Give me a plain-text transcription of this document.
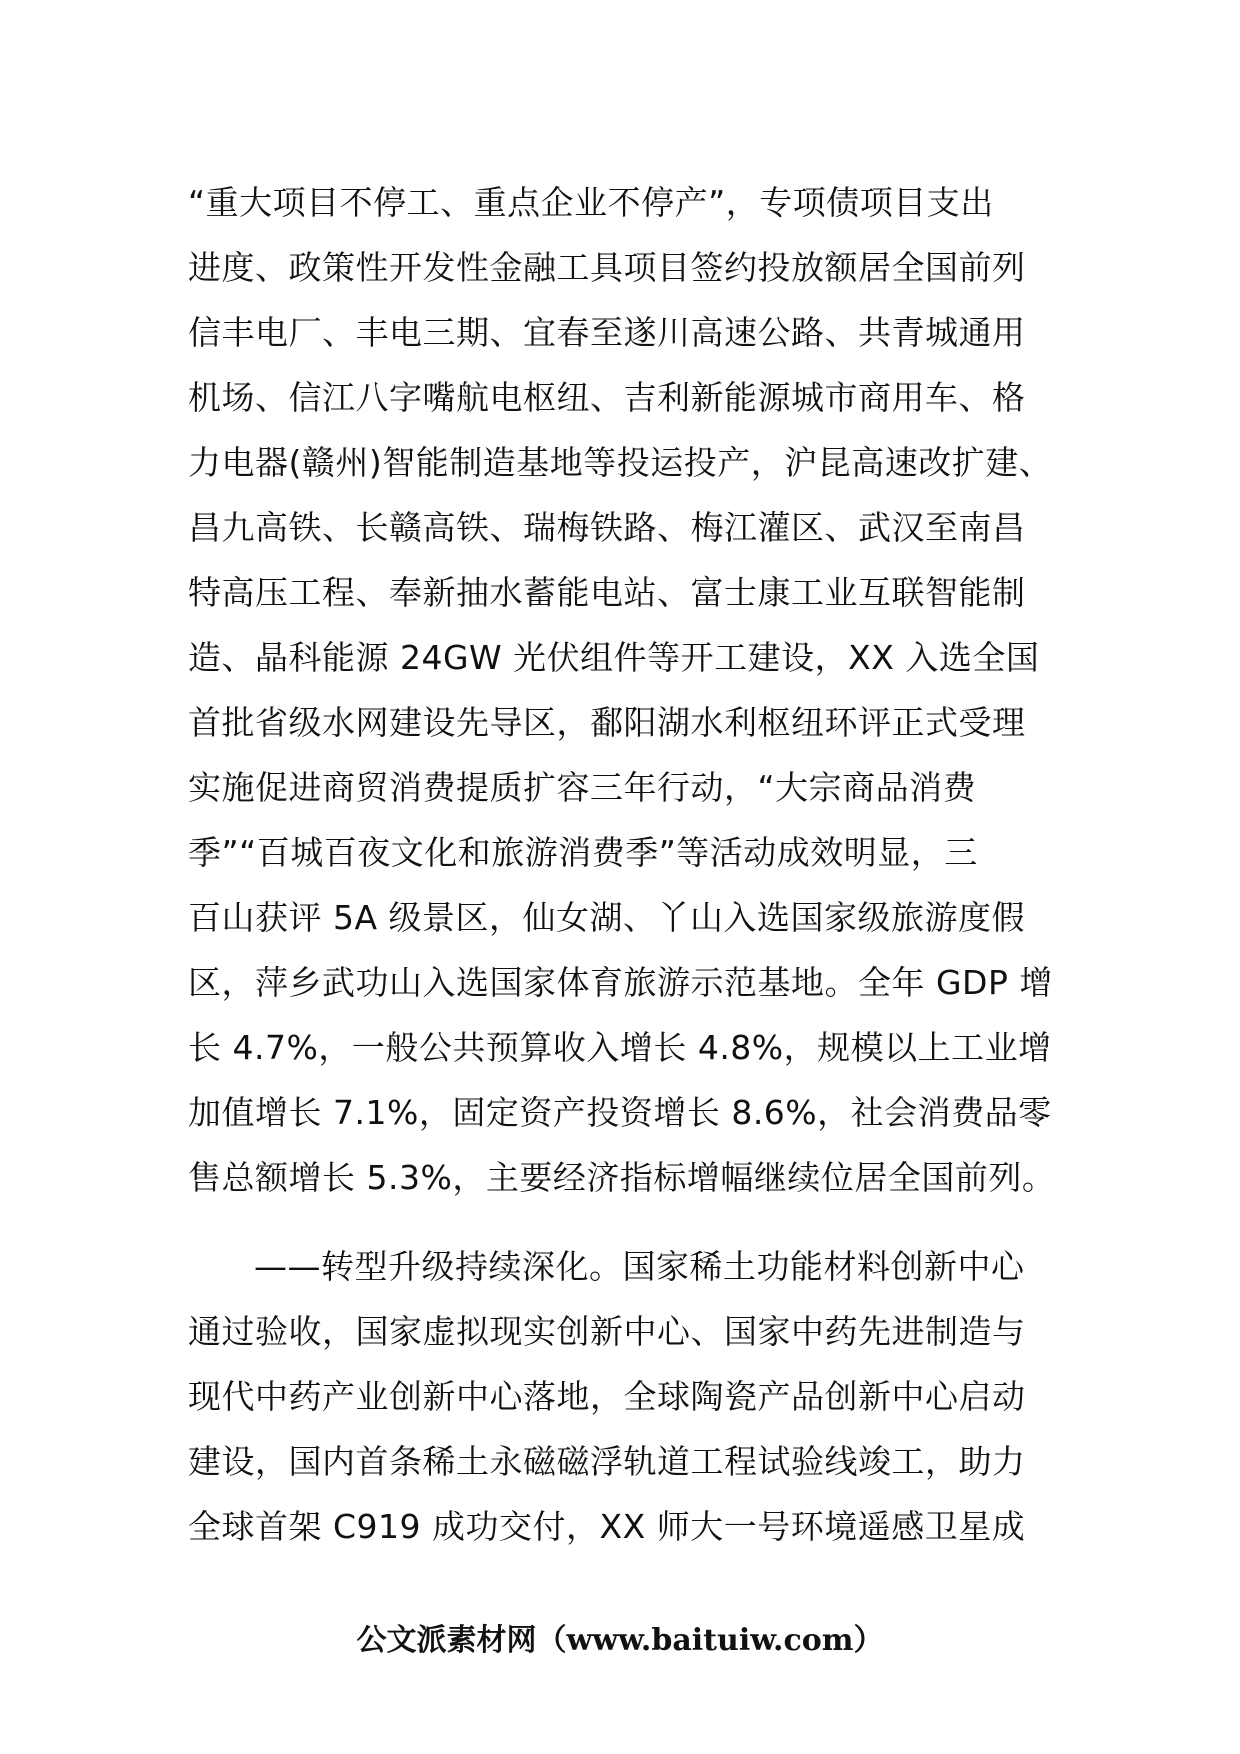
“重大项目不停工、重点企业不停产”，专项债项目支出
进度、政策性开发性金融工具项目签约投放额居全国前列
信丰电厂、丰电三期、宜春至遂川高速公路、共青城通用
机场、信江八字嘴航电枢纽、吉利新能源城市商用车、格
力电器(赣州)智能制造基地等投运投产，沪昆高速改扩建、
昌九高铁、长赣高铁、瑞梅铁路、梅江灌区、武汉至南昌
特高压工程、奉新抽水蓄能电站、富士康工业互联智能制
造、晶科能源 24GW 光伏组件等开工建设，XX 入选全国
首批省级水网建设先导区，鄱阳湖水利枢纽环评正式受理
实施促进商贸消费提质扩容三年行动，“大宗商品消费
季”“百城百夜文化和旅游消费季”等活动成效明显，三
百山获评 5A 级景区，仙女湖、丫山入选国家级旅游度假
区，萍乡武功山入选国家体育旅游示范基地。全年 GDP 增
长 4.7%，一般公共预算收入增长 4.8%，规模以上工业增
加值增长 7.1%，固定资产投资增长 8.6%，社会消费品零
售总额增长 5.3%，主要经济指标增幅继续位居全国前列。
——转型升级持续深化。国家稀土功能材料创新中心
通过验收，国家虚拟现实创新中心、国家中药先进制造与
现代中药产业创新中心落地，全球陶瓷产品创新中心启动
建设，国内首条稀土永磁磁浮轨道工程试验线竣工，助力
全球首架 C919 成功交付，XX 师大一号环境遥感卫星成
公文派素材网（www.baituiw.com）
